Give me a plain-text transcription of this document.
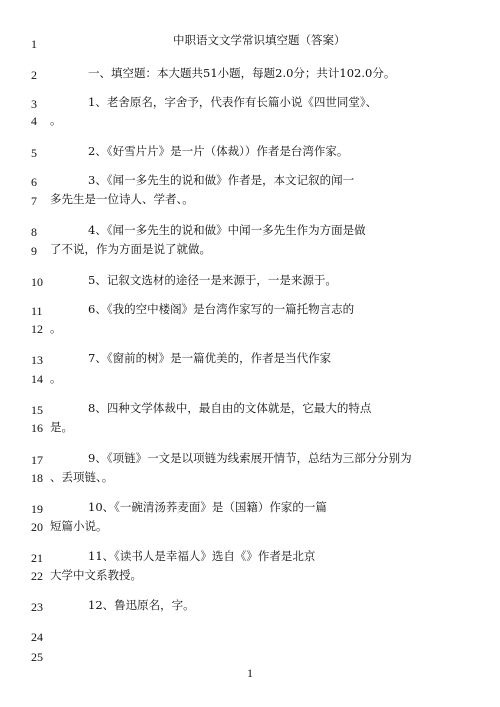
1
2
3
4
5
6
7
8
9
10
11
12
13
14
15
16
17
18
19
20
21
22
23
24
25
中职语文文学常识填空题（答案）
一、填空题：本大题共51小题，每题2.0分；共计102.0分。
1、老舍原名，字舍予，代表作有长篇小说《四世同堂》、
。
2、《好雪片片》是一片（体裁））作者是台湾作家。
3、《闻一多先生的说和做》作者是，本文记叙的闻一
多先生是一位诗人、学者、。
4、《闻一多先生的说和做》中闻一多先生作为方面是做
了不说，作为方面是说了就做。
5、记叙文选材的途径一是来源于，一是来源于。
6、《我的空中楼阁》是台湾作家写的一篇托物言志的
。
7、《窗前的树》是一篇优美的，作者是当代作家
。
8、四种文学体裁中，最自由的文体就是，它最大的特点
是。
9、《项链》一文是以项链为线索展开情节，总结为三部分分别为
、丢项链、。
10、《一碗清汤荞麦面》是（国籍）作家的一篇
短篇小说。
11、《读书人是幸福人》选自《》作者是北京
大学中文系教授。
12、鲁迅原名，字。
1
